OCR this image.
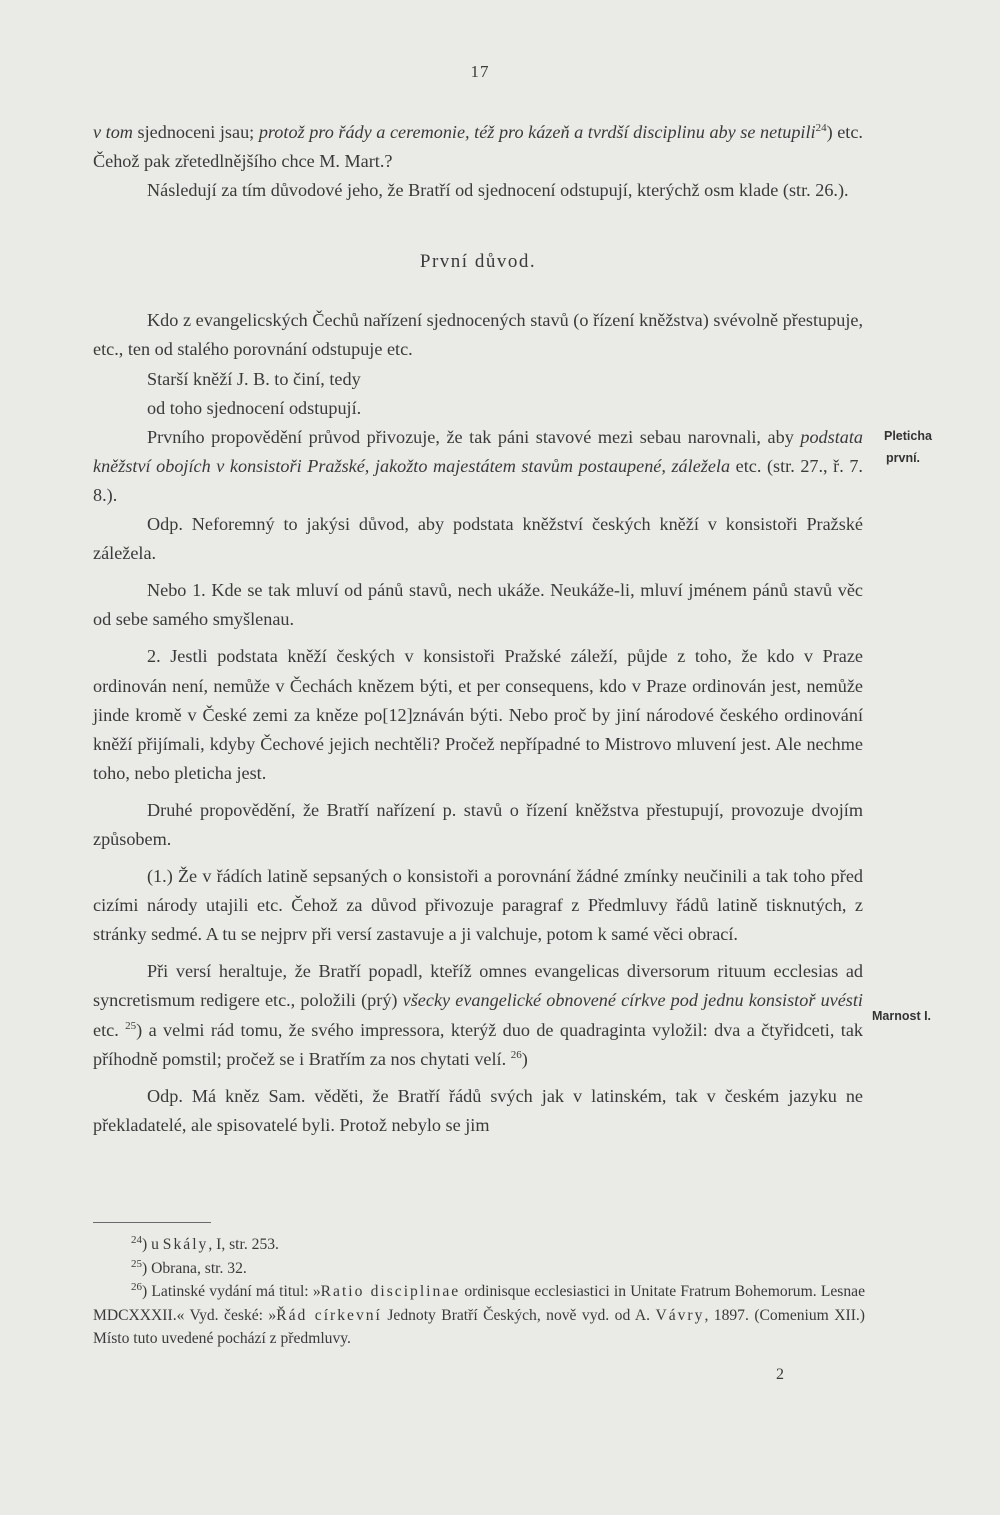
17

v tom sjednoceni jsau; protož pro řády a ceremonie, též pro kázeň a tvrdší disciplinu aby se netupili$^{24}$) etc. Čehož pak zřetedlnějšího chce M. Mart.?

Následují za tím důvodové jeho, že Bratří od sjednocení odstupují, kterýchž osm klade (str. 26.).

První důvod.

Kdo z evangelicských Čechů nařízení sjednocených stavů (o řízení kněžstva) svévolně přestupuje, etc., ten od stalého porovnání odstupuje etc.

Starší kněží J. B. to činí, tedy

od toho sjednocení odstupují.

Prvního propovědění průvod přivozuje, že tak páni stavové mezi sebau narovnali, aby podstata kněžství obojích v konsistoři Pražské, jakožto majestátem stavům postaupené, záležela etc. (str. 27., ř. 7. 8.).

Odp. Neforemný to jakýsi důvod, aby podstata kněžství českých kněží v konsistoři Pražské záležela.

Nebo 1. Kde se tak mluví od pánů stavů, nech ukáže. Neukáže-li, mluví jménem pánů stavů věc od sebe samého smyšlenau.

2. Jestli podstata kněží českých v konsistoři Pražské záleží, půjde z toho, že kdo v Praze ordinován není, nemůže v Čechách knězem býti, et per consequens, kdo v Praze ordinován jest, nemůže jinde kromě v České zemi za kněze po[12]znáván býti. Nebo proč by jiní národové českého ordinování kněží přijímali, kdyby Čechové jejich nechtěli? Pročež nepřípadné to Mistrovo mluvení jest. Ale nechme toho, nebo pleticha jest.

Druhé propovědění, že Bratří nařízení p. stavů o řízení kněžstva přestupují, provozuje dvojím způsobem.

(1.) Že v řádích latině sepsaných o konsistoři a porovnání žádné zmínky neučinili a tak toho před cizími národy utajili etc. Čehož za důvod přivozuje paragraf z Předmluvy řádů latině tisknutých, z stránky sedmé. A tu se nejprv při versí zastavuje a ji valchuje, potom k samé věci obrací.

Při versí heraltuje, že Bratří popadl, kteříž omnes evangelicas diversorum rituum ecclesias ad syncretismum redigere etc., položili (prý) všecky evangelické obnovené církve pod jednu konsistoř uvésti etc. $^{25}$) a velmi rád tomu, že svého impressora, kterýž duo de quadraginta vyložil: dva a čtyřidceti, tak příhodně pomstil; pročež se i Bratřím za nos chytati velí. $^{26}$)

Odp. Má kněz Sam. věděti, že Bratří řádů svých jak v latinském, tak v českém jazyku ne překladatelé, ale spisovatelé byli. Protož nebylo se jim

Pleticha
první.
Marnost I.

$^{24}$) u Skály, I, str. 253.

$^{25}$) Obrana, str. 32.

$^{26}$) Latinské vydání má titul: »Ratio disciplinae ordinisque ecclesiastici in Unitate Fratrum Bohemorum. Lesnae MDCXXXII.« Vyd. české: »Řád církevní Jednoty Bratří Českých, nově vyd. od A. Vávry, 1897. (Comenium XII.) Místo tuto uvedené pochází z předmluvy.

2
